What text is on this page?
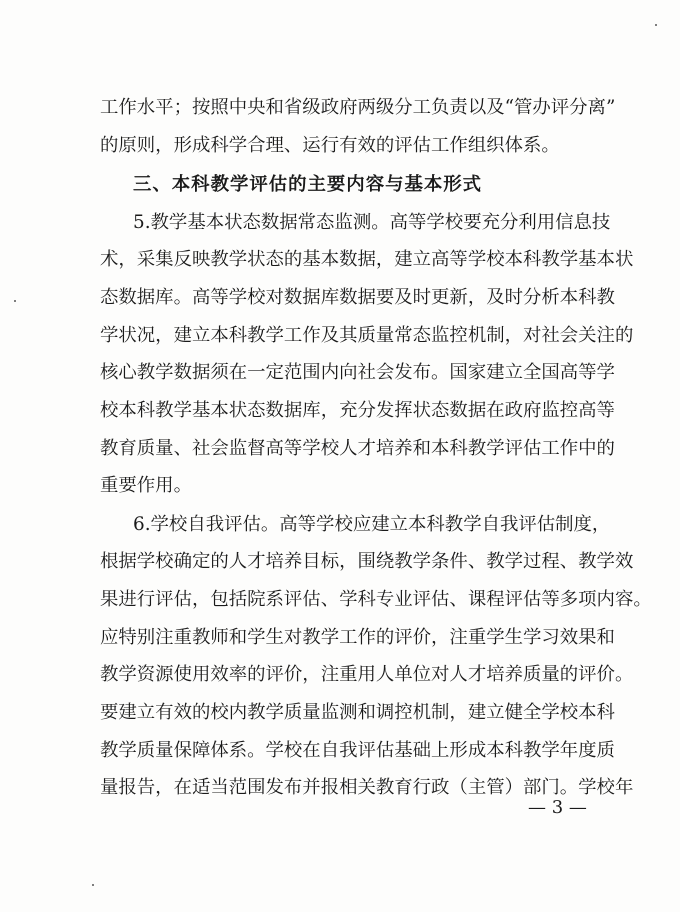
工作水平；按照中央和省级政府两级分工负责以及“管办评分离”
的原则，形成科学合理、运行有效的评估工作组织体系。
三、本科教学评估的主要内容与基本形式
5.教学基本状态数据常态监测。高等学校要充分利用信息技
术，采集反映教学状态的基本数据，建立高等学校本科教学基本状
态数据库。高等学校对数据库数据要及时更新，及时分析本科教
学状况，建立本科教学工作及其质量常态监控机制，对社会关注的
核心教学数据须在一定范围内向社会发布。国家建立全国高等学
校本科教学基本状态数据库，充分发挥状态数据在政府监控高等
教育质量、社会监督高等学校人才培养和本科教学评估工作中的
重要作用。
6.学校自我评估。高等学校应建立本科教学自我评估制度，
根据学校确定的人才培养目标，围绕教学条件、教学过程、教学效
果进行评估，包括院系评估、学科专业评估、课程评估等多项内容。
应特别注重教师和学生对教学工作的评价，注重学生学习效果和
教学资源使用效率的评价，注重用人单位对人才培养质量的评价。
要建立有效的校内教学质量监测和调控机制，建立健全学校本科
教学质量保障体系。学校在自我评估基础上形成本科教学年度质
量报告，在适当范围发布并报相关教育行政（主管）部门。学校年
— 3 —
